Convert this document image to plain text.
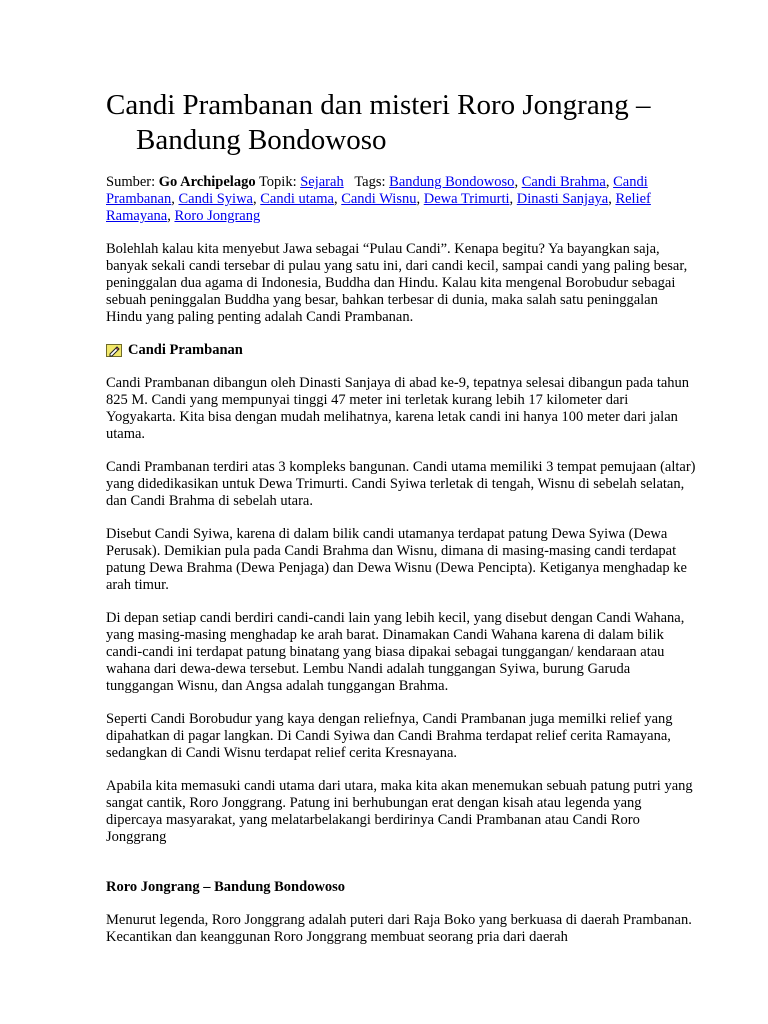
Candi Prambanan dan misteri Roro Jongrang – Bandung Bondowoso
Sumber: Go Archipelago Topik: Sejarah   Tags: Bandung Bondowoso, Candi Brahma, Candi Prambanan, Candi Syiwa, Candi utama, Candi Wisnu, Dewa Trimurti, Dinasti Sanjaya, Relief Ramayana, Roro Jongrang

Bolehlah kalau kita menyebut Jawa sebagai “Pulau Candi”. Kenapa begitu? Ya bayangkan saja, banyak sekali candi tersebar di pulau yang satu ini, dari candi kecil, sampai candi yang paling besar, peninggalan dua agama di Indonesia, Buddha dan Hindu. Kalau kita mengenal Borobudur sebagai sebuah peninggalan Buddha yang besar, bahkan terbesar di dunia, maka salah satu peninggalan Hindu yang paling penting adalah Candi Prambanan.

Candi Prambanan

Candi Prambanan dibangun oleh Dinasti Sanjaya di abad ke-9, tepatnya selesai dibangun pada tahun 825 M. Candi yang mempunyai tinggi 47 meter ini terletak kurang lebih 17 kilometer dari Yogyakarta. Kita bisa dengan mudah melihatnya, karena letak candi ini hanya 100 meter dari jalan utama.

Candi Prambanan terdiri atas 3 kompleks bangunan. Candi utama memiliki 3 tempat pemujaan (altar) yang didedikasikan untuk Dewa Trimurti. Candi Syiwa terletak di tengah, Wisnu di sebelah selatan, dan Candi Brahma di sebelah utara.

Disebut Candi Syiwa, karena di dalam bilik candi utamanya terdapat patung Dewa Syiwa (Dewa Perusak). Demikian pula pada Candi Brahma dan Wisnu, dimana di masing-masing candi terdapat patung Dewa Brahma (Dewa Penjaga) dan Dewa Wisnu (Dewa Pencipta). Ketiganya menghadap ke arah timur.

Di depan setiap candi berdiri candi-candi lain yang lebih kecil, yang disebut dengan Candi Wahana, yang masing-masing menghadap ke arah barat. Dinamakan Candi Wahana karena di dalam bilik candi-candi ini terdapat patung binatang yang biasa dipakai sebagai tunggangan/ kendaraan atau wahana dari dewa-dewa tersebut. Lembu Nandi adalah tunggangan Syiwa, burung Garuda tunggangan Wisnu, dan Angsa adalah tunggangan Brahma.

Seperti Candi Borobudur yang kaya dengan reliefnya, Candi Prambanan juga memilki relief yang dipahatkan di pagar langkan. Di Candi Syiwa dan Candi Brahma terdapat relief cerita Ramayana, sedangkan di Candi Wisnu terdapat relief cerita Kresnayana.

Apabila kita memasuki candi utama dari utara, maka kita akan menemukan sebuah patung putri yang sangat cantik, Roro Jonggrang. Patung ini berhubungan erat dengan kisah atau legenda yang dipercaya masyarakat, yang melatarbelakangi berdirinya Candi Prambanan atau Candi Roro Jonggrang

Roro Jongrang – Bandung Bondowoso

Menurut legenda, Roro Jonggrang adalah puteri dari Raja Boko yang berkuasa di daerah Prambanan. Kecantikan dan keanggunan Roro Jonggrang membuat seorang pria dari daerah
